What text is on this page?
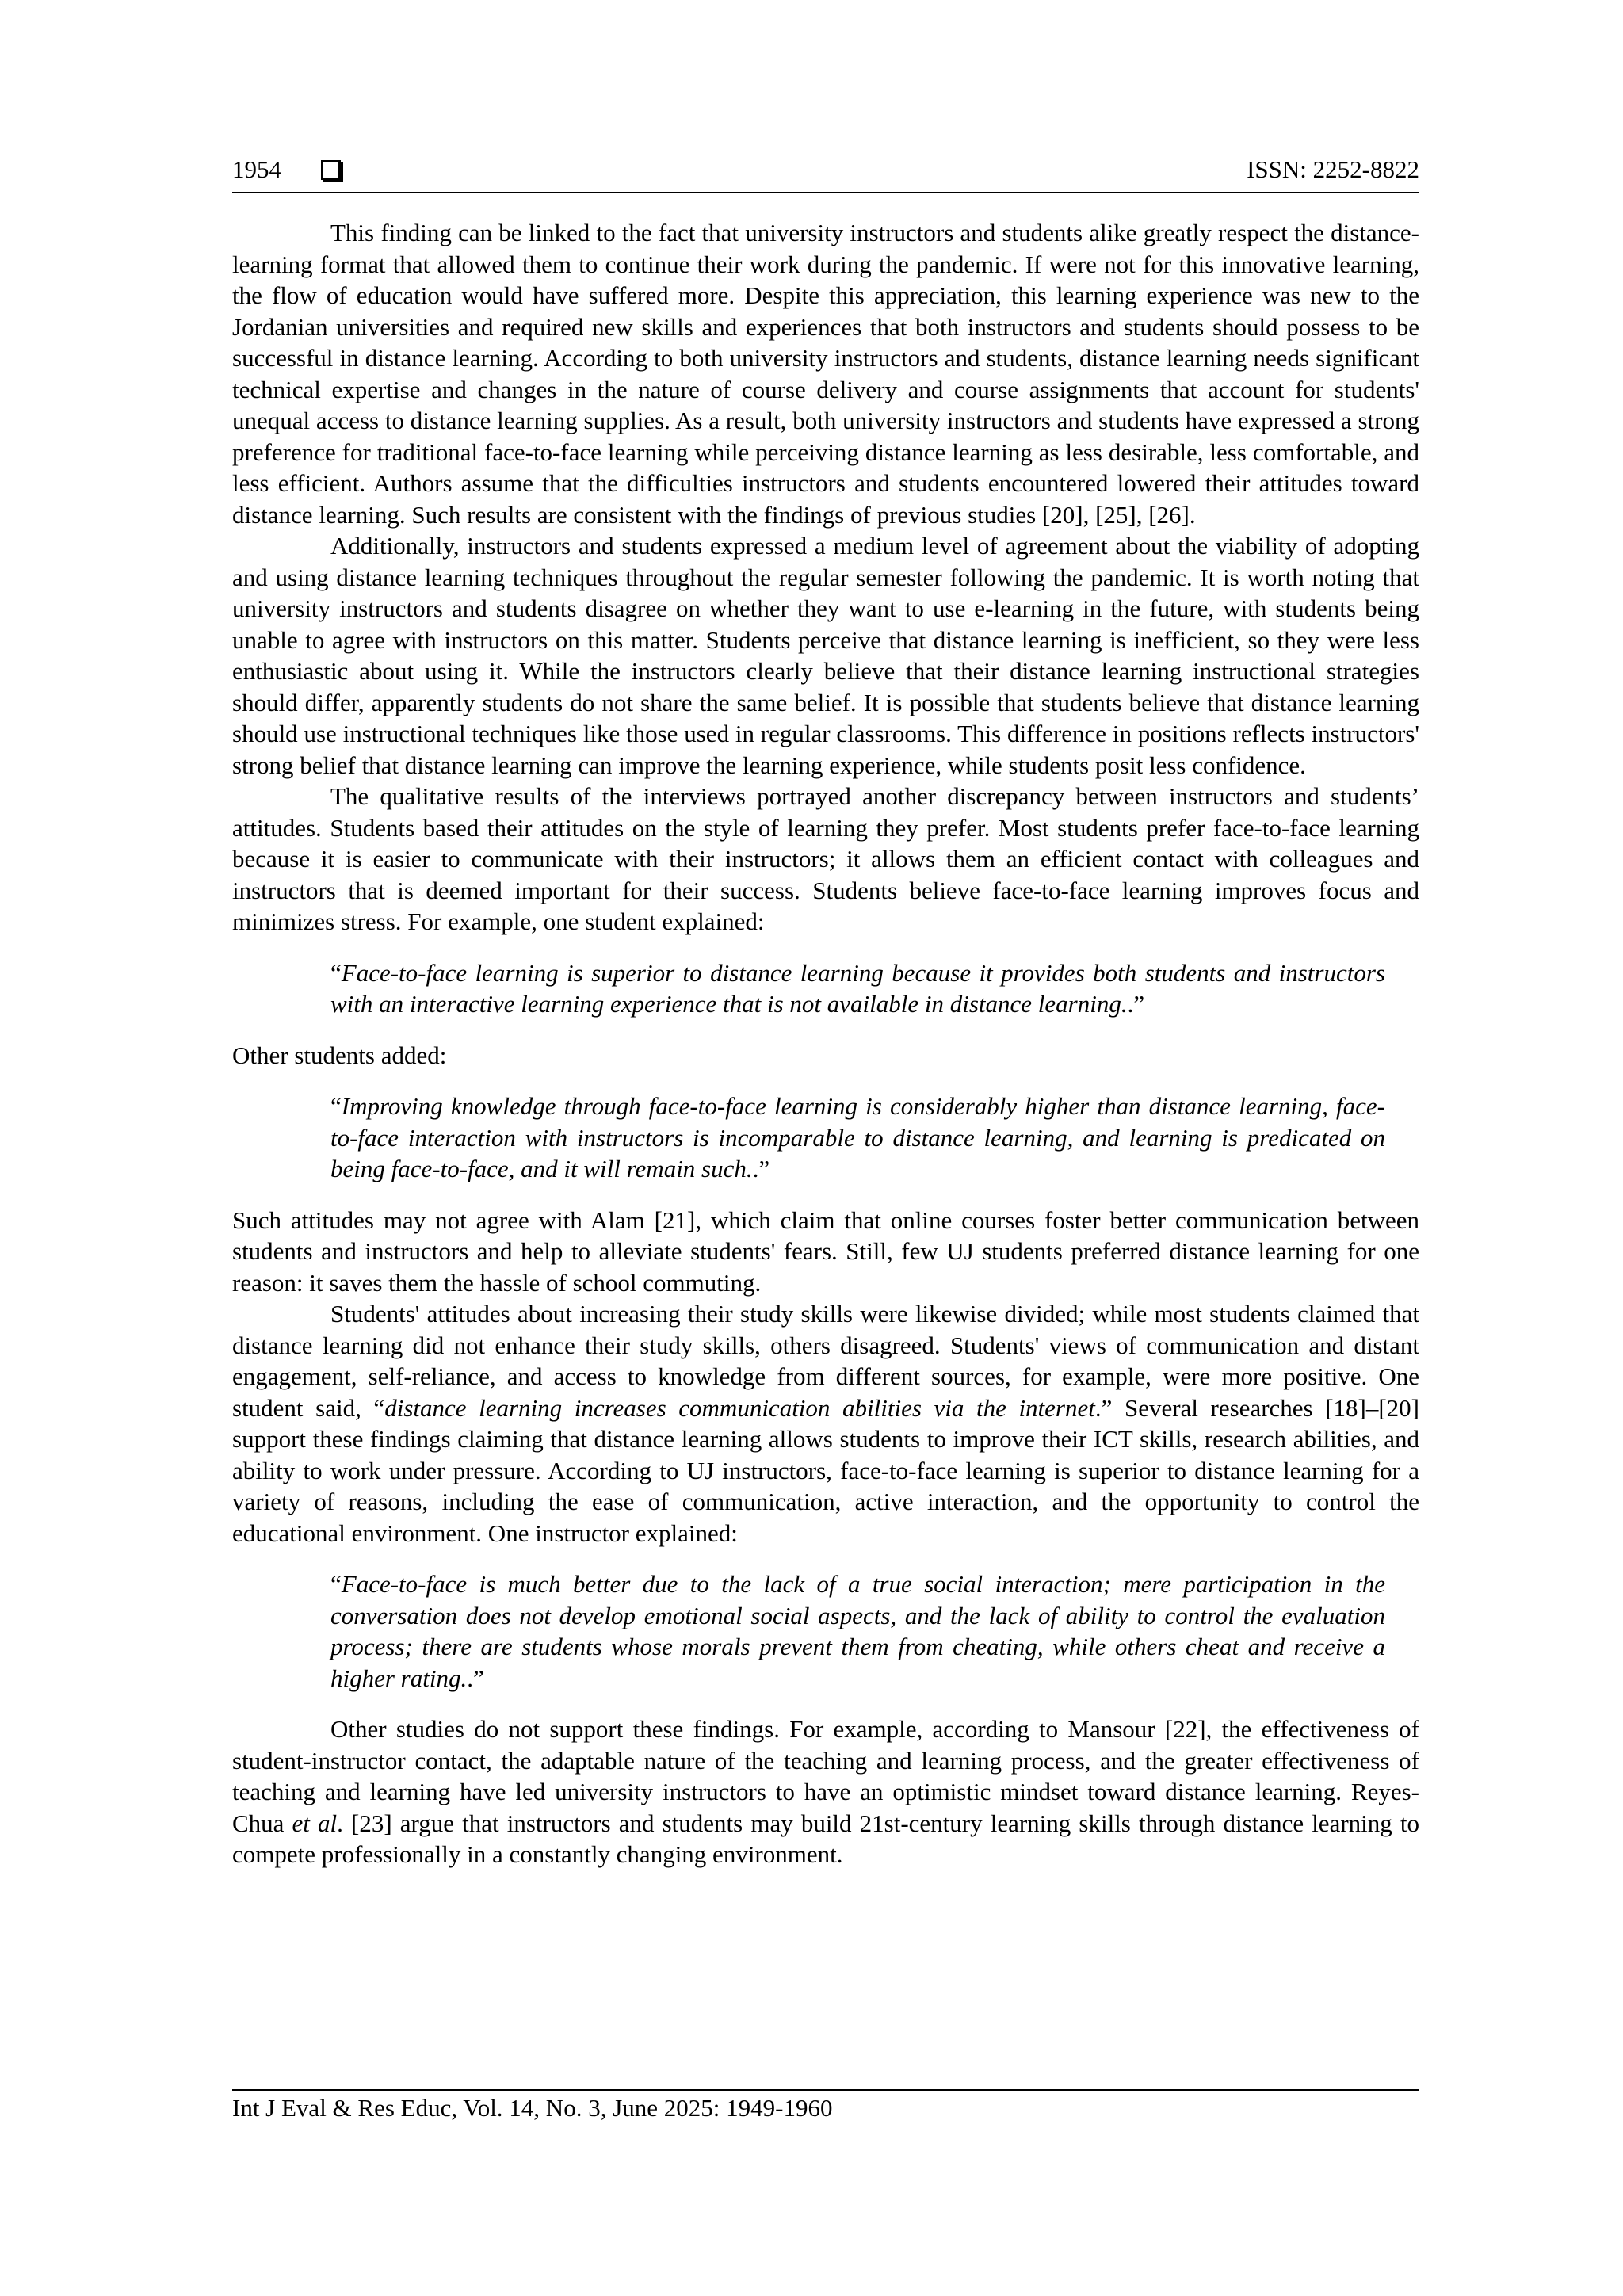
1954	ISSN: 2252-8822

This finding can be linked to the fact that university instructors and students alike greatly respect the distance-learning format that allowed them to continue their work during the pandemic. If were not for this innovative learning, the flow of education would have suffered more. Despite this appreciation, this learning experience was new to the Jordanian universities and required new skills and experiences that both instructors and students should possess to be successful in distance learning. According to both university instructors and students, distance learning needs significant technical expertise and changes in the nature of course delivery and course assignments that account for students' unequal access to distance learning supplies. As a result, both university instructors and students have expressed a strong preference for traditional face-to-face learning while perceiving distance learning as less desirable, less comfortable, and less efficient. Authors assume that the difficulties instructors and students encountered lowered their attitudes toward distance learning. Such results are consistent with the findings of previous studies [20], [25], [26].

Additionally, instructors and students expressed a medium level of agreement about the viability of adopting and using distance learning techniques throughout the regular semester following the pandemic. It is worth noting that university instructors and students disagree on whether they want to use e-learning in the future, with students being unable to agree with instructors on this matter. Students perceive that distance learning is inefficient, so they were less enthusiastic about using it. While the instructors clearly believe that their distance learning instructional strategies should differ, apparently students do not share the same belief. It is possible that students believe that distance learning should use instructional techniques like those used in regular classrooms. This difference in positions reflects instructors' strong belief that distance learning can improve the learning experience, while students posit less confidence.

The qualitative results of the interviews portrayed another discrepancy between instructors and students’ attitudes. Students based their attitudes on the style of learning they prefer. Most students prefer face-to-face learning because it is easier to communicate with their instructors; it allows them an efficient contact with colleagues and instructors that is deemed important for their success. Students believe face-to-face learning improves focus and minimizes stress. For example, one student explained:

“Face-to-face learning is superior to distance learning because it provides both students and instructors with an interactive learning experience that is not available in distance learning..”

Other students added:

“Improving knowledge through face-to-face learning is considerably higher than distance learning, face-to-face interaction with instructors is incomparable to distance learning, and learning is predicated on being face-to-face, and it will remain such..”

Such attitudes may not agree with Alam [21], which claim that online courses foster better communication between students and instructors and help to alleviate students' fears. Still, few UJ students preferred distance learning for one reason: it saves them the hassle of school commuting.

Students' attitudes about increasing their study skills were likewise divided; while most students claimed that distance learning did not enhance their study skills, others disagreed. Students' views of communication and distant engagement, self-reliance, and access to knowledge from different sources, for example, were more positive. One student said, “distance learning increases communication abilities via the internet.” Several researches [18]–[20] support these findings claiming that distance learning allows students to improve their ICT skills, research abilities, and ability to work under pressure. According to UJ instructors, face-to-face learning is superior to distance learning for a variety of reasons, including the ease of communication, active interaction, and the opportunity to control the educational environment. One instructor explained:

“Face-to-face is much better due to the lack of a true social interaction; mere participation in the conversation does not develop emotional social aspects, and the lack of ability to control the evaluation process; there are students whose morals prevent them from cheating, while others cheat and receive a higher rating..”

Other studies do not support these findings. For example, according to Mansour [22], the effectiveness of student-instructor contact, the adaptable nature of the teaching and learning process, and the greater effectiveness of teaching and learning have led university instructors to have an optimistic mindset toward distance learning. Reyes-Chua et al. [23] argue that instructors and students may build 21st-century learning skills through distance learning to compete professionally in a constantly changing environment.

Int J Eval & Res Educ, Vol. 14, No. 3, June 2025: 1949-1960
